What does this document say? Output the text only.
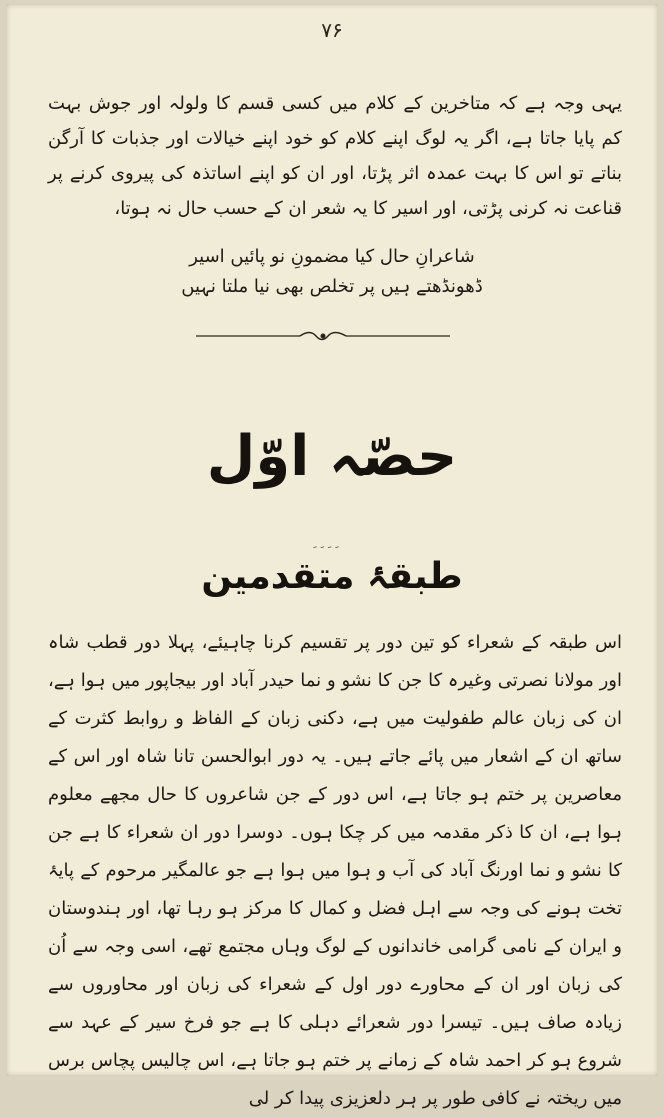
۷۶
یہی وجہ ہے کہ متاخرین کے کلام میں کسی قسم کا ولولہ اور جوش بہت کم پایا جاتا ہے، اگر یہ لوگ اپنے کلام کو خود اپنے خیالات اور جذبات کا آرگن بناتے تو اس کا بہت عمدہ اثر پڑتا، اور ان کو اپنے اساتذہ کی پیروی کرنے پر قناعت نہ کرنی پڑتی، اور اسیر کا یہ شعر ان کے حسب حال نہ ہوتا،
شاعرانِ حال کیا مضمونِ نو پائیں اسیر
ڈھونڈھتے ہیں پر تخلص بھی نیا ملتا نہیں
حصّہ اوّل
ﹶ ﹶ ﹶ ﹶ
طبقۂ متقدمین
اس طبقہ کے شعراء کو تین دور پر تقسیم کرنا چاہیئے، پہلا دور قطب شاہ اور مولانا نصرتی وغیرہ کا جن کا نشو و نما حیدر آباد اور بیجاپور میں ہوا ہے، ان کی زبان عالم طفولیت میں ہے، دکنی زبان کے الفاظ و روابط کثرت کے ساتھ ان کے اشعار میں پائے جاتے ہیں۔ یہ دور ابوالحسن تانا شاہ اور اس کے معاصرین پر ختم ہو جاتا ہے، اس دور کے جن شاعروں کا حال مجھے معلوم ہوا ہے، ان کا ذکر مقدمہ میں کر چکا ہوں۔ دوسرا دور ان شعراء کا ہے جن کا نشو و نما اورنگ آباد کی آب و ہوا میں ہوا ہے جو عالمگیر مرحوم کے پایۂ تخت ہونے کی وجہ سے اہل فضل و کمال کا مرکز ہو رہا تھا، اور ہندوستان و ایران کے نامی گرامی خاندانوں کے لوگ وہاں مجتمع تھے، اسی وجہ سے اُن کی زبان اور ان کے محاورے دور اول کے شعراء کی زبان اور محاوروں سے زیادہ صاف ہیں۔ تیسرا دور شعرائے دہلی کا ہے جو فرخ سیر کے عہد سے شروع ہو کر احمد شاہ کے زمانے پر ختم ہو جاتا ہے، اس چالیس پچاس برس میں ریختہ نے کافی طور پر ہر دلعزیزی پیدا کر لی
